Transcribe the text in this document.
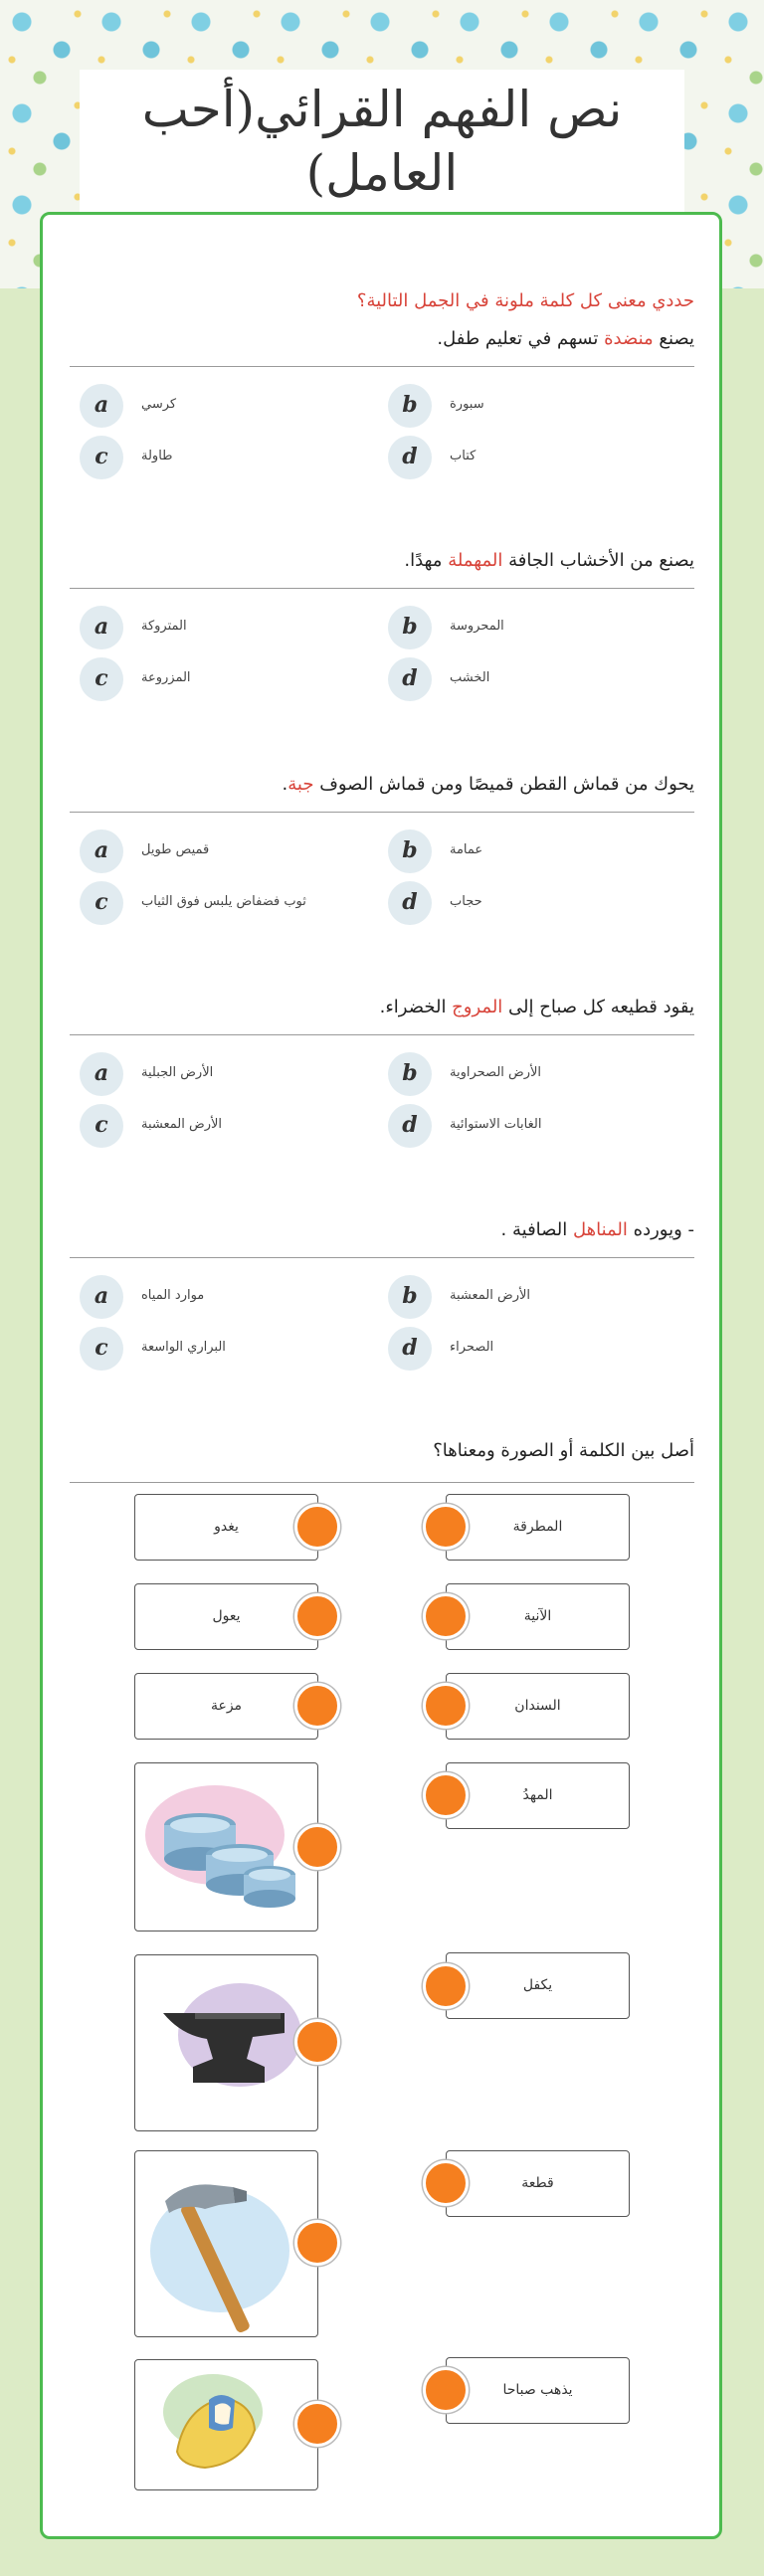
نص الفهم القرائي(أحب العامل)
حددي معنى كل كلمة ملونة في الجمل التالية؟
يصنع منضدة تسهم في تعليم طفل.
a	كرسي	b	سبورة
c	طاولة	d	كتاب
يصنع من الأخشاب الجافة المهملة مهدًا.
a	المتروكة	b	المحروسة
c	المزروعة	d	الخشب
يحوك من قماش القطن قميصًا ومن قماش الصوف جبة.
a	قميص طويل	b	عمامة
c	ثوب فضفاض يلبس فوق الثياب	d	حجاب
يقود قطيعه كل صباح إلى المروج الخضراء.
a	الأرض الجبلية	b	الأرض الصحراوية
c	الأرض المعشبة	d	الغابات الاستوائية
- ويورده المناهل الصافية .
a	موارد المياه	b	الأرض المعشبة
c	البراري الواسعة	d	الصحراء
أصل بين الكلمة أو الصورة ومعناها؟
يغدو
يعول
مزعة
المطرقة
الآنية
السندان
المهدُ
يكفل
قطعة
يذهب صباحا
